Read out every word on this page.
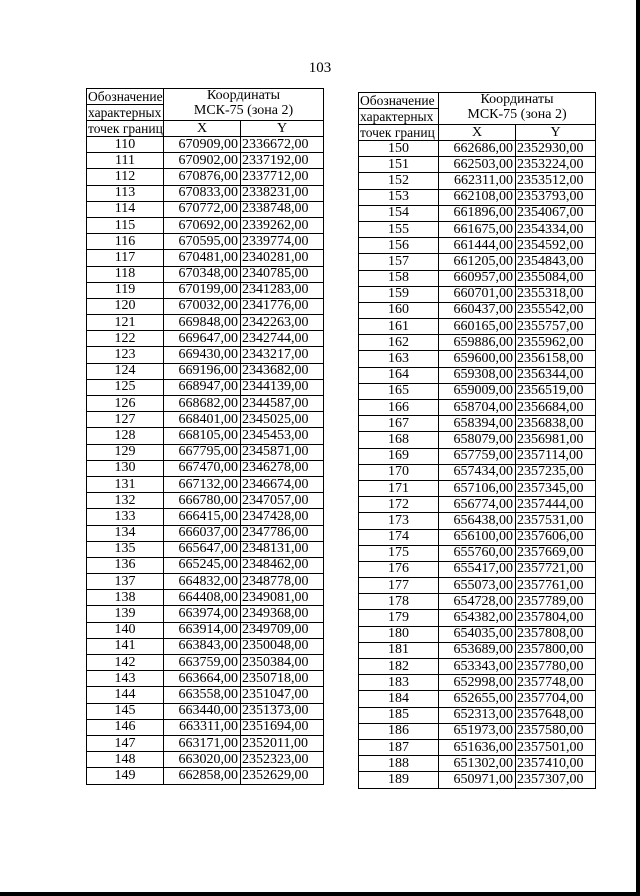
103
Обозначение	Координаты
МСК-75 (зона 2)	
характерных		
точек границ	X	Y
110	670909,00	2336672,00
111	670902,00	2337192,00
112	670876,00	2337712,00
113	670833,00	2338231,00
114	670772,00	2338748,00
115	670692,00	2339262,00
116	670595,00	2339774,00
117	670481,00	2340281,00
118	670348,00	2340785,00
119	670199,00	2341283,00
120	670032,00	2341776,00
121	669848,00	2342263,00
122	669647,00	2342744,00
123	669430,00	2343217,00
124	669196,00	2343682,00
125	668947,00	2344139,00
126	668682,00	2344587,00
127	668401,00	2345025,00
128	668105,00	2345453,00
129	667795,00	2345871,00
130	667470,00	2346278,00
131	667132,00	2346674,00
132	666780,00	2347057,00
133	666415,00	2347428,00
134	666037,00	2347786,00
135	665647,00	2348131,00
136	665245,00	2348462,00
137	664832,00	2348778,00
138	664408,00	2349081,00
139	663974,00	2349368,00
140	663914,00	2349709,00
141	663843,00	2350048,00
142	663759,00	2350384,00
143	663664,00	2350718,00
144	663558,00	2351047,00
145	663440,00	2351373,00
146	663311,00	2351694,00
147	663171,00	2352011,00
148	663020,00	2352323,00
149	662858,00	2352629,00
Обозначение	Координаты
МСК-75 (зона 2)	
характерных		
точек границ	X	Y
150	662686,00	2352930,00
151	662503,00	2353224,00
152	662311,00	2353512,00
153	662108,00	2353793,00
154	661896,00	2354067,00
155	661675,00	2354334,00
156	661444,00	2354592,00
157	661205,00	2354843,00
158	660957,00	2355084,00
159	660701,00	2355318,00
160	660437,00	2355542,00
161	660165,00	2355757,00
162	659886,00	2355962,00
163	659600,00	2356158,00
164	659308,00	2356344,00
165	659009,00	2356519,00
166	658704,00	2356684,00
167	658394,00	2356838,00
168	658079,00	2356981,00
169	657759,00	2357114,00
170	657434,00	2357235,00
171	657106,00	2357345,00
172	656774,00	2357444,00
173	656438,00	2357531,00
174	656100,00	2357606,00
175	655760,00	2357669,00
176	655417,00	2357721,00
177	655073,00	2357761,00
178	654728,00	2357789,00
179	654382,00	2357804,00
180	654035,00	2357808,00
181	653689,00	2357800,00
182	653343,00	2357780,00
183	652998,00	2357748,00
184	652655,00	2357704,00
185	652313,00	2357648,00
186	651973,00	2357580,00
187	651636,00	2357501,00
188	651302,00	2357410,00
189	650971,00	2357307,00
